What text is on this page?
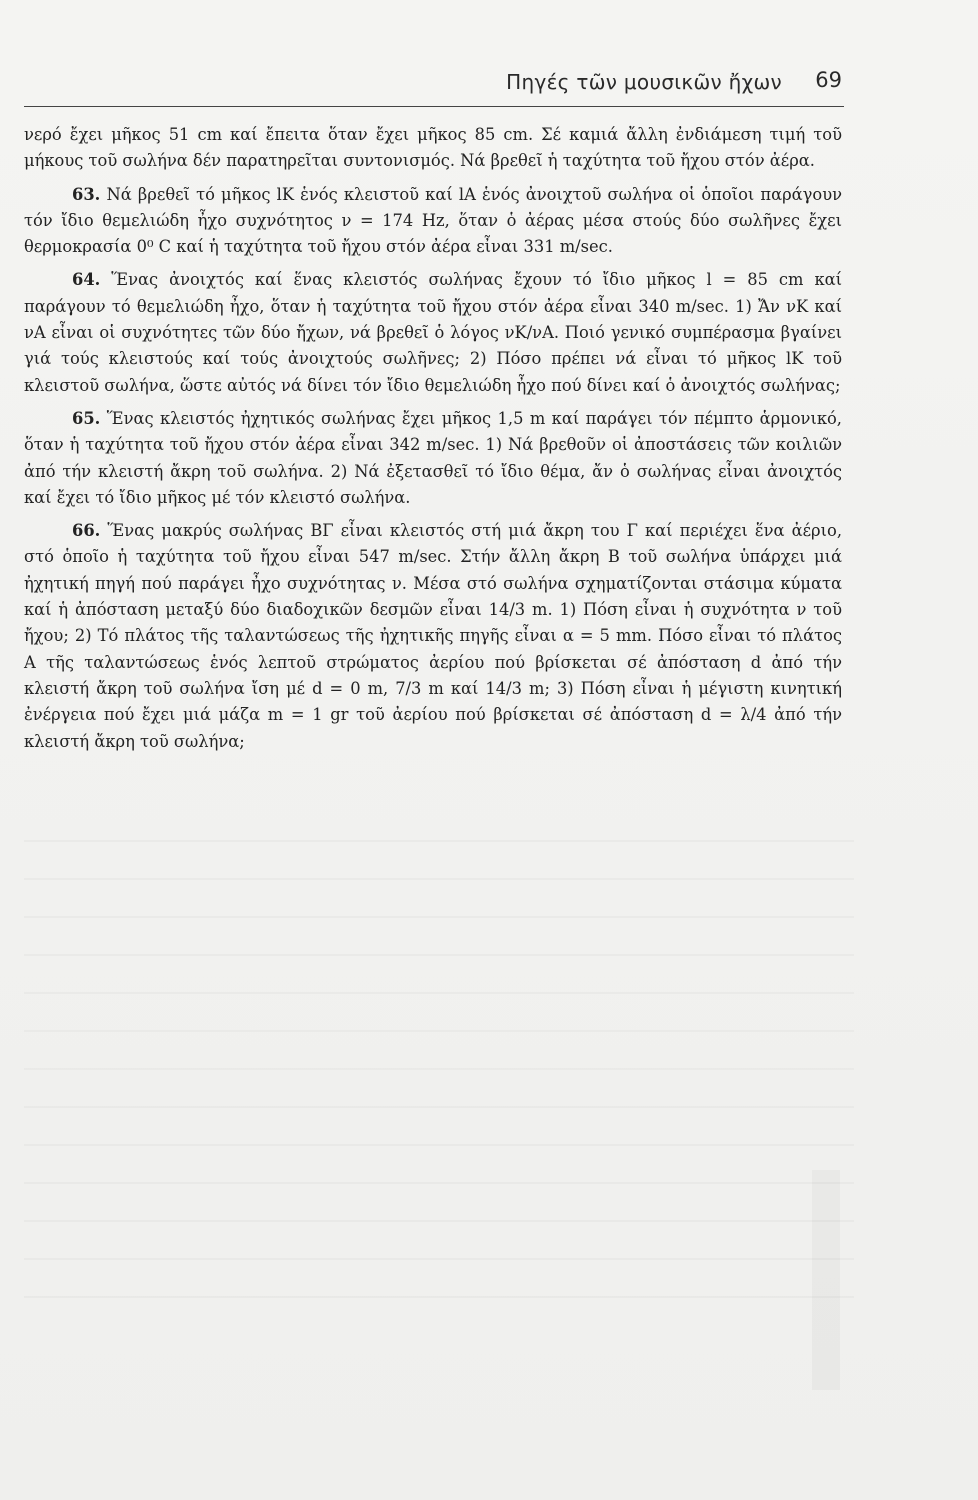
Πηγές τῶν μουσικῶν ἤχων 69

νερό ἔχει μῆκος 51 cm καί ἔπειτα ὅταν ἔχει μῆκος 85 cm. Σέ καμιά ἄλλη ἐνδιάμεση τιμή τοῦ μήκους τοῦ σωλήνα δέν παρατηρεῖται συντονισμός. Νά βρεθεῖ ἡ ταχύτητα τοῦ ἤχου στόν ἀέρα.

63. Νά βρεθεῖ τό μῆκος lK ἑνός κλειστοῦ καί lA ἑνός ἀνοιχτοῦ σωλήνα οἱ ὁποῖοι παράγουν τόν ἴδιο θεμελιώδη ἦχο συχνότητος ν = 174 Hz, ὅταν ὁ ἀέρας μέσα στούς δύο σωλῆνες ἔχει θερμοκρασία 0⁰ C καί ἡ ταχύτητα τοῦ ἤχου στόν ἀέρα εἶναι 331 m/sec.

64. Ἕνας ἀνοιχτός καί ἕνας κλειστός σωλήνας ἔχουν τό ἴδιο μῆκος l = 85 cm καί παράγουν τό θεμελιώδη ἦχο, ὅταν ἡ ταχύτητα τοῦ ἤχου στόν ἀέρα εἶναι 340 m/sec. 1) Ἄν νK καί νA εἶναι οἱ συχνότητες τῶν δύο ἤχων, νά βρεθεῖ ὁ λόγος νK/νA. Ποιό γενικό συμπέρασμα βγαίνει γιά τούς κλειστούς καί τούς ἀνοιχτούς σωλῆνες; 2) Πόσο πρέπει νά εἶναι τό μῆκος lK τοῦ κλειστοῦ σωλήνα, ὥστε αὐτός νά δίνει τόν ἴδιο θεμελιώδη ἦχο πού δίνει καί ὁ ἀνοιχτός σωλήνας;

65. Ἕνας κλειστός ἠχητικός σωλήνας ἔχει μῆκος 1,5 m καί παράγει τόν πέμπτο ἁρμονικό, ὅταν ἡ ταχύτητα τοῦ ἤχου στόν ἀέρα εἶναι 342 m/sec. 1) Νά βρεθοῦν οἱ ἀποστάσεις τῶν κοιλιῶν ἀπό τήν κλειστή ἄκρη τοῦ σωλήνα. 2) Νά ἐξετασθεῖ τό ἴδιο θέμα, ἄν ὁ σωλήνας εἶναι ἀνοιχτός καί ἔχει τό ἴδιο μῆκος μέ τόν κλειστό σωλήνα.

66. Ἕνας μακρύς σωλήνας ΒΓ εἶναι κλειστός στή μιά ἄκρη του Γ καί περιέχει ἕνα ἀέριο, στό ὁποῖο ἡ ταχύτητα τοῦ ἤχου εἶναι 547 m/sec. Στήν ἄλλη ἄκρη Β τοῦ σωλήνα ὑπάρχει μιά ἠχητική πηγή πού παράγει ἦχο συχνότητας ν. Μέσα στό σωλήνα σχηματίζονται στάσιμα κύματα καί ἡ ἀπόσταση μεταξύ δύο διαδοχικῶν δεσμῶν εἶναι 14/3 m. 1) Πόση εἶναι ἡ συχνότητα ν τοῦ ἤχου; 2) Τό πλάτος τῆς ταλαντώσεως τῆς ἠχητικῆς πηγῆς εἶναι α = 5 mm. Πόσο εἶναι τό πλάτος Α τῆς ταλαντώσεως ἑνός λεπτοῦ στρώματος ἀερίου πού βρίσκεται σέ ἀπόσταση d ἀπό τήν κλειστή ἄκρη τοῦ σωλήνα ἴση μέ d = 0 m, 7/3 m καί 14/3 m; 3) Πόση εἶναι ἡ μέγιστη κινητική ἐνέργεια πού ἔχει μιά μάζα m = 1 gr τοῦ ἀερίου πού βρίσκεται σέ ἀπόσταση d = λ/4 ἀπό τήν κλειστή ἄκρη τοῦ σωλήνα;
